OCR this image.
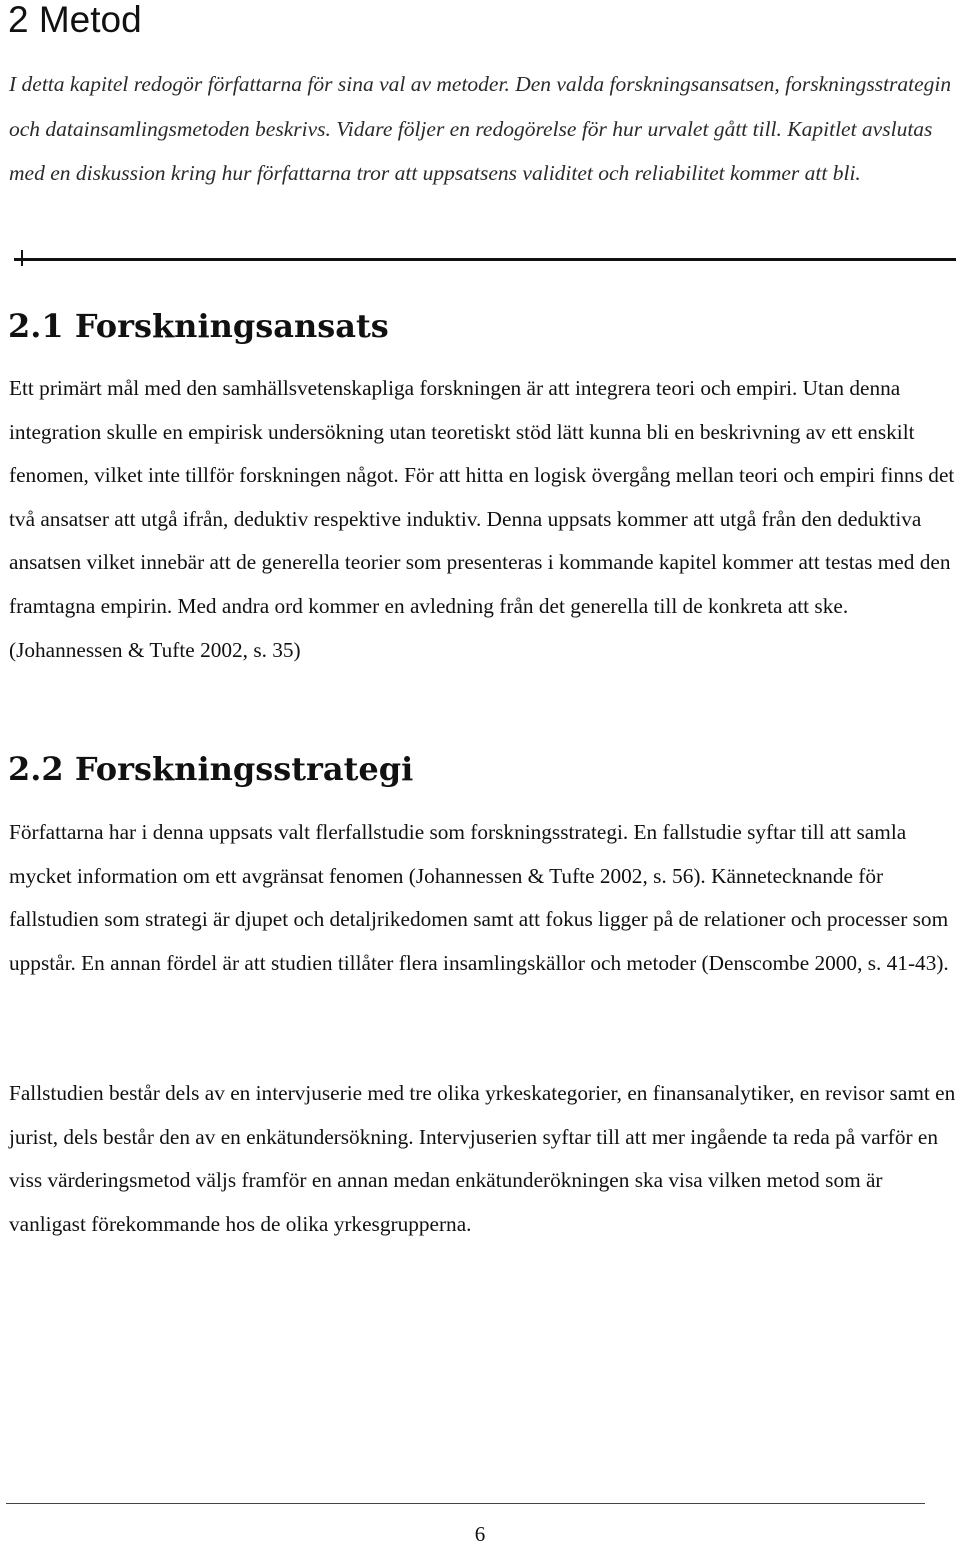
2 Metod

I detta kapitel redogör författarna för sina val av metoder. Den valda forskningsansatsen, forskningsstrategin och datainsamlingsmetoden beskrivs. Vidare följer en redogörelse för hur urvalet gått till. Kapitlet avslutas med en diskussion kring hur författarna tror att uppsatsens validitet och reliabilitet kommer att bli.

2.1 Forskningsansats

Ett primärt mål med den samhällsvetenskapliga forskningen är att integrera teori och empiri. Utan denna integration skulle en empirisk undersökning utan teoretiskt stöd lätt kunna bli en beskrivning av ett enskilt fenomen, vilket inte tillför forskningen något. För att hitta en logisk övergång mellan teori och empiri finns det två ansatser att utgå ifrån, deduktiv respektive induktiv. Denna uppsats kommer att utgå från den deduktiva ansatsen vilket innebär att de generella teorier som presenteras i kommande kapitel kommer att testas med den framtagna empirin. Med andra ord kommer en avledning från det generella till de konkreta att ske. (Johannessen & Tufte 2002, s. 35)

2.2 Forskningsstrategi

Författarna har i denna uppsats valt flerfallstudie som forskningsstrategi. En fallstudie syftar till att samla mycket information om ett avgränsat fenomen (Johannessen & Tufte 2002, s. 56). Kännetecknande för fallstudien som strategi är djupet och detaljrikedomen samt att fokus ligger på de relationer och processer som uppstår. En annan fördel är att studien tillåter flera insamlingskällor och metoder (Denscombe 2000, s. 41-43).

Fallstudien består dels av en intervjuserie med tre olika yrkeskategorier, en finansanalytiker, en revisor samt en jurist, dels består den av en enkätundersökning. Intervjuserien syftar till att mer ingående ta reda på varför en viss värderingsmetod väljs framför en annan medan enkätunderökningen ska visa vilken metod som är vanligast förekommande hos de olika yrkesgrupperna.

6
